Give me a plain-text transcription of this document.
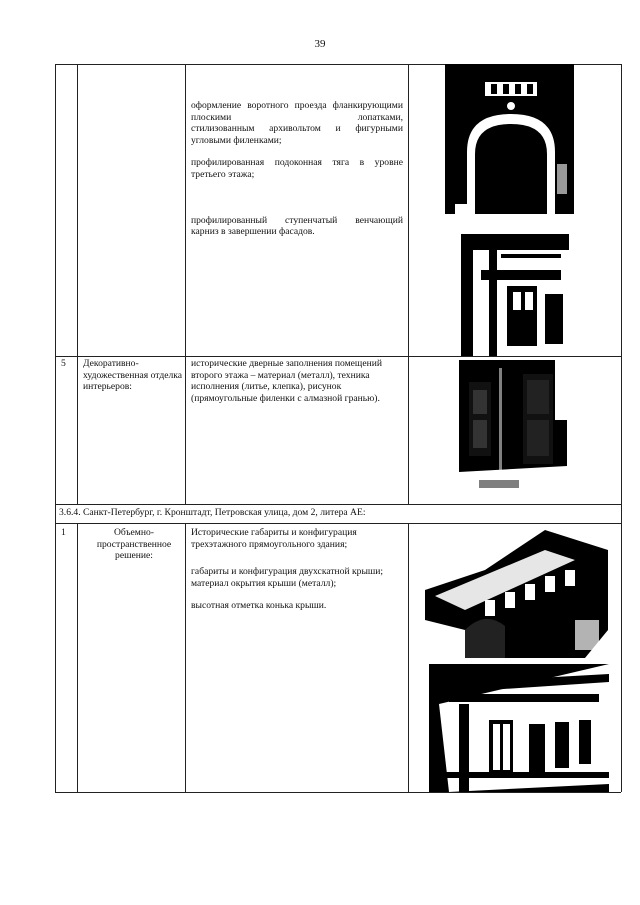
39
оформление воротного проезда фланкирующими плоскими лопатками,
стилизованным архивольтом и фигурными угловыми филенками;
профилированная подоконная тяга в уровне
третьего этажа;
профилированный ступенчатый венчающий
карниз в завершении фасадов.
5	Декоративно-художественная отделка интерьеров:
исторические дверные заполнения помещений второго этажа – материал (металл), техника исполнения (литье, клепка), рисунок (прямоугольные филенки с алмазной гранью).
3.6.4. Санкт-Петербург, г. Кронштадт, Петровская улица, дом 2, литера АЕ:
1	Объемно-пространственное решение:
Исторические габариты и конфигурация трехэтажного прямоугольного здания;
габариты и конфигурация двухскатной крыши;
материал окрытия крыши (металл);
высотная отметка конька крыши.
